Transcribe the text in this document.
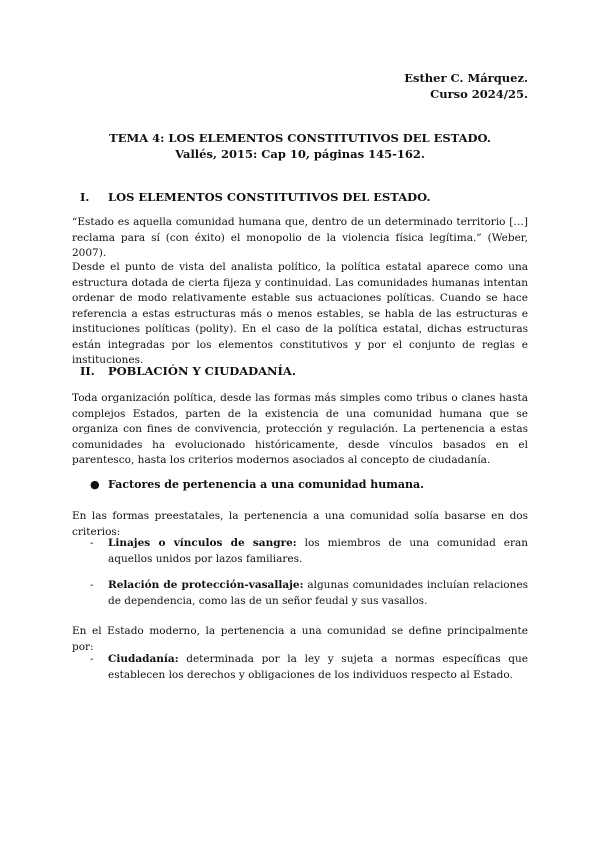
Esther C. Márquez.
Curso 2024/25.
TEMA 4: LOS ELEMENTOS CONSTITUTIVOS DEL ESTADO.
Vallés, 2015: Cap 10, páginas 145-162.
I. LOS ELEMENTOS CONSTITUTIVOS DEL ESTADO.
“Estado es aquella comunidad humana que, dentro de un determinado territorio […] reclama para sí (con éxito) el monopolio de la violencia física legítima.” (Weber, 2007).
Desde el punto de vista del analista político, la política estatal aparece como una estructura dotada de cierta fijeza y continuidad. Las comunidades humanas intentan ordenar de modo relativamente estable sus actuaciones políticas. Cuando se hace referencia a estas estructuras más o menos estables, se habla de las estructuras e instituciones políticas (polity). En el caso de la política estatal, dichas estructuras están integradas por los elementos constitutivos y por el conjunto de reglas e instituciones.
II. POBLACIÓN Y CIUDADANÍA.
Toda organización política, desde las formas más simples como tribus o clanes hasta complejos Estados, parten de la existencia de una comunidad humana que se organiza con fines de convivencia, protección y regulación. La pertenencia a estas comunidades ha evolucionado históricamente, desde vínculos basados en el parentesco, hasta los criterios modernos asociados al concepto de ciudadanía.
● Factores de pertenencia a una comunidad humana.
En las formas preestatales, la pertenencia a una comunidad solía basarse en dos criterios:
- Linajes o vínculos de sangre: los miembros de una comunidad eran aquellos unidos por lazos familiares.
- Relación de protección-vasallaje: algunas comunidades incluían relaciones de dependencia, como las de un señor feudal y sus vasallos.
En el Estado moderno, la pertenencia a una comunidad se define principalmente por:
- Ciudadanía: determinada por la ley y sujeta a normas específicas que establecen los derechos y obligaciones de los individuos respecto al Estado.
